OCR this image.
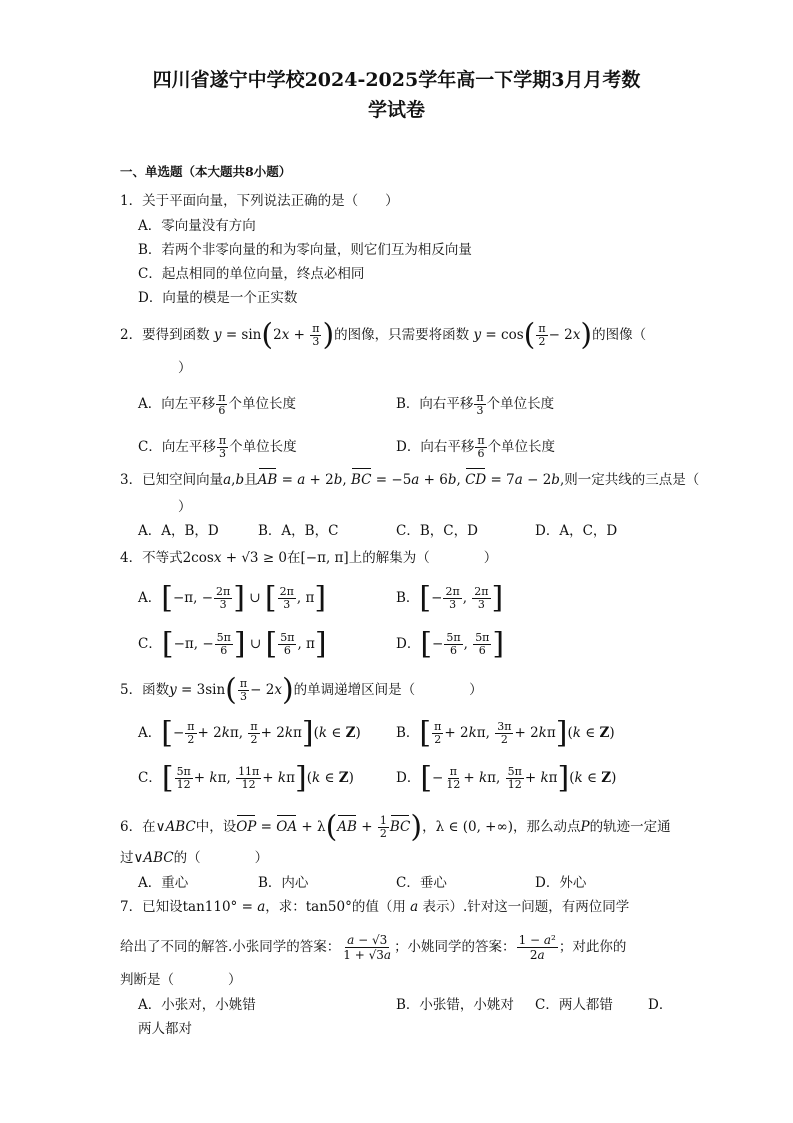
四川省遂宁中学校2024-2025学年高一下学期3月月考数
学试卷
一、单选题（本大题共8小题）
1．关于平面向量，下列说法正确的是（　　）
A．零向量没有方向
B．若两个非零向量的和为零向量，则它们互为相反向量
C．起点相同的单位向量，终点必相同
D．向量的模是一个正实数
2．要得到函数 $y = \sin(2x + \frac{\pi}{3}$ )的图像，只需要将函数 $y = \cos( \frac{\pi}{2} - 2x)$的图像（
）
A．向左平移 $\frac{\pi}{6}$ 个单位长度	B．向右平移 $\frac{\pi}{3}$ 个单位长度
C．向左平移 $\frac{\pi}{3}$ 个单位长度	D．向右平移 $\frac{\pi}{6}$ 个单位长度
3．已知空间向量a,b且AB = a + 2b, BC = −5a + 6b, CD = 7a − 2b,则一定共线的三点是（
）
A．A，B，D	B．A，B，C	C．B，C，D	D．A，C，D
4．不等式2cosx + √3 ≥ 0在[−π, π]上的解集为（　　　　）
A．[−π, − $\frac{2\pi}{3}$ ] ∪ [ $\frac{2\pi}{3}$ , π]	B．[− $\frac{2\pi}{3}$ , $\frac{2\pi}{3}$ ]
C．[−π, − $\frac{5\pi}{6}$ ] ∪ [ $\frac{5\pi}{6}$ , π]	D．[− $\frac{5\pi}{6}$ , $\frac{5\pi}{6}$ ]
5．函数$y = 3\sin( \frac{\pi}{3} - 2x)$的单调递增区间是（　　　　）
A．[− $\frac{\pi}{2} + 2k\pi$, $\frac{\pi}{2} + 2k\pi](k$ ∈ Z)	B．[ $\frac{\pi}{2} + 2k\pi$, $\frac{3\pi}{2} + 2k\pi](k$ ∈ Z)
C．[ $\frac{5\pi}{12} + k\pi$, $\frac{11\pi}{12} + k\pi](k$ ∈ Z)	D．[− $\frac{\pi}{12} + k\pi$, $\frac{5\pi}{12} + k\pi](k$ ∈ Z)
6．在∨ABC中，设OP = OA + $\lambda(AB + \frac{1}{2} BC)$，λ ∈ (0, +∞)，那么动点P的轨迹一定通
过∨ABC的（　　　　）
A．重心	B．内心	C．垂心	D．外心
7．已知设tan110° = a，求：tan50°的值（用 a 表示）.针对这一问题，有两位同学
给出了不同的解答.小张同学的答案： $\frac{a - √3}{1 + √3a}$ ；小姚同学的答案： $\frac{\text{1 − a²}}{2a}$ ；对此你的
判断是（　　　　）
A．小张对，小姚错	B．小张错，小姚对 C．两人都错	D．
两人都对
